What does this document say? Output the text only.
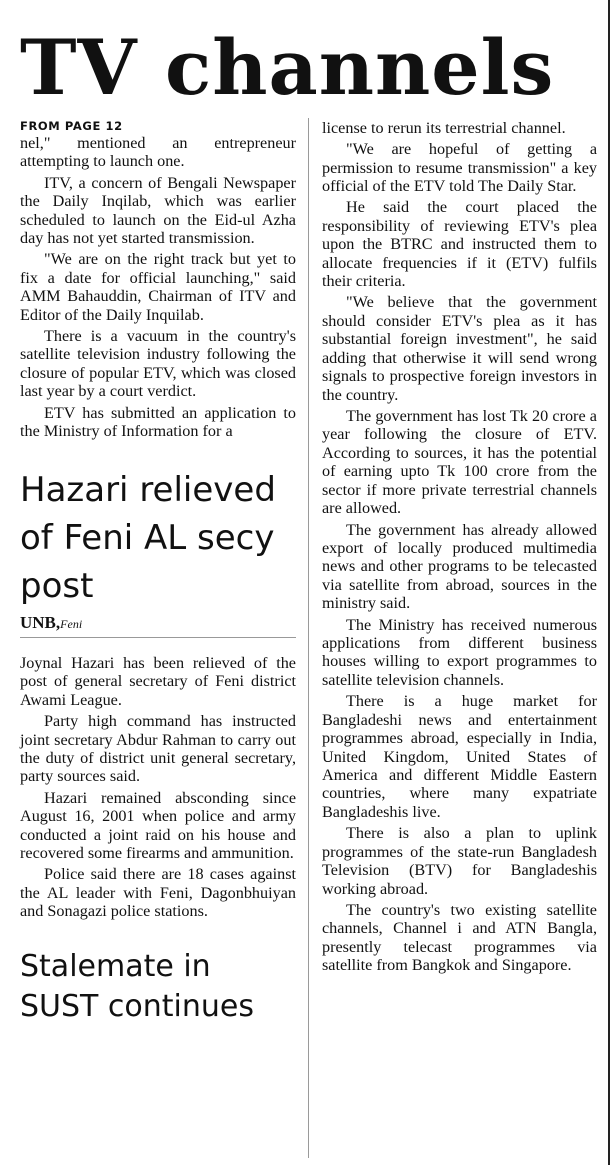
TV channels
FROM PAGE 12

nel," mentioned an entrepreneur attempting to launch one.

ITV, a concern of Bengali Newspaper the Daily Inqilab, which was earlier scheduled to launch on the Eid-ul Azha day has not yet started transmission.

"We are on the right track but yet to fix a date for official launching," said AMM Bahauddin, Chairman of ITV and Editor of the Daily Inquilab.

There is a vacuum in the country's satellite television industry following the closure of popular ETV, which was closed last year by a court verdict.

ETV has submitted an application to the Ministry of Information for a

Hazari relieved of Feni AL secy post
UNB,Feni

Joynal Hazari has been relieved of the post of general secretary of Feni district Awami League.

Party high command has instructed joint secretary Abdur Rahman to carry out the duty of district unit general secretary, party sources said.

Hazari remained absconding since August 16, 2001 when police and army conducted a joint raid on his house and recovered some firearms and ammunition.

Police said there are 18 cases against the AL leader with Feni, Dagonbhuiyan and Sonagazi police stations.

Stalemate in SUST continues

license to rerun its terrestrial channel.

"We are hopeful of getting a permission to resume transmission" a key official of the ETV told The Daily Star.

He said the court placed the responsibility of reviewing ETV's plea upon the BTRC and instructed them to allocate frequencies if it (ETV) fulfils their criteria.

"We believe that the government should consider ETV's plea as it has substantial foreign investment", he said adding that otherwise it will send wrong signals to prospective foreign investors in the country.

The government has lost Tk 20 crore a year following the closure of ETV. According to sources, it has the potential of earning upto Tk 100 crore from the sector if more private terrestrial channels are allowed.

The government has already allowed export of locally produced multimedia news and other programs to be telecasted via satellite from abroad, sources in the ministry said.

The Ministry has received numerous applications from different business houses willing to export programmes to satellite television channels.

There is a huge market for Bangladeshi news and entertainment programmes abroad, especially in India, United Kingdom, United States of America and different Middle Eastern countries, where many expatriate Bangladeshis live.

There is also a plan to uplink programmes of the state-run Bangladesh Television (BTV) for Bangladeshis working abroad.

The country's two existing satellite channels, Channel i and ATN Bangla, presently telecast programmes via satellite from Bangkok and Singapore.
